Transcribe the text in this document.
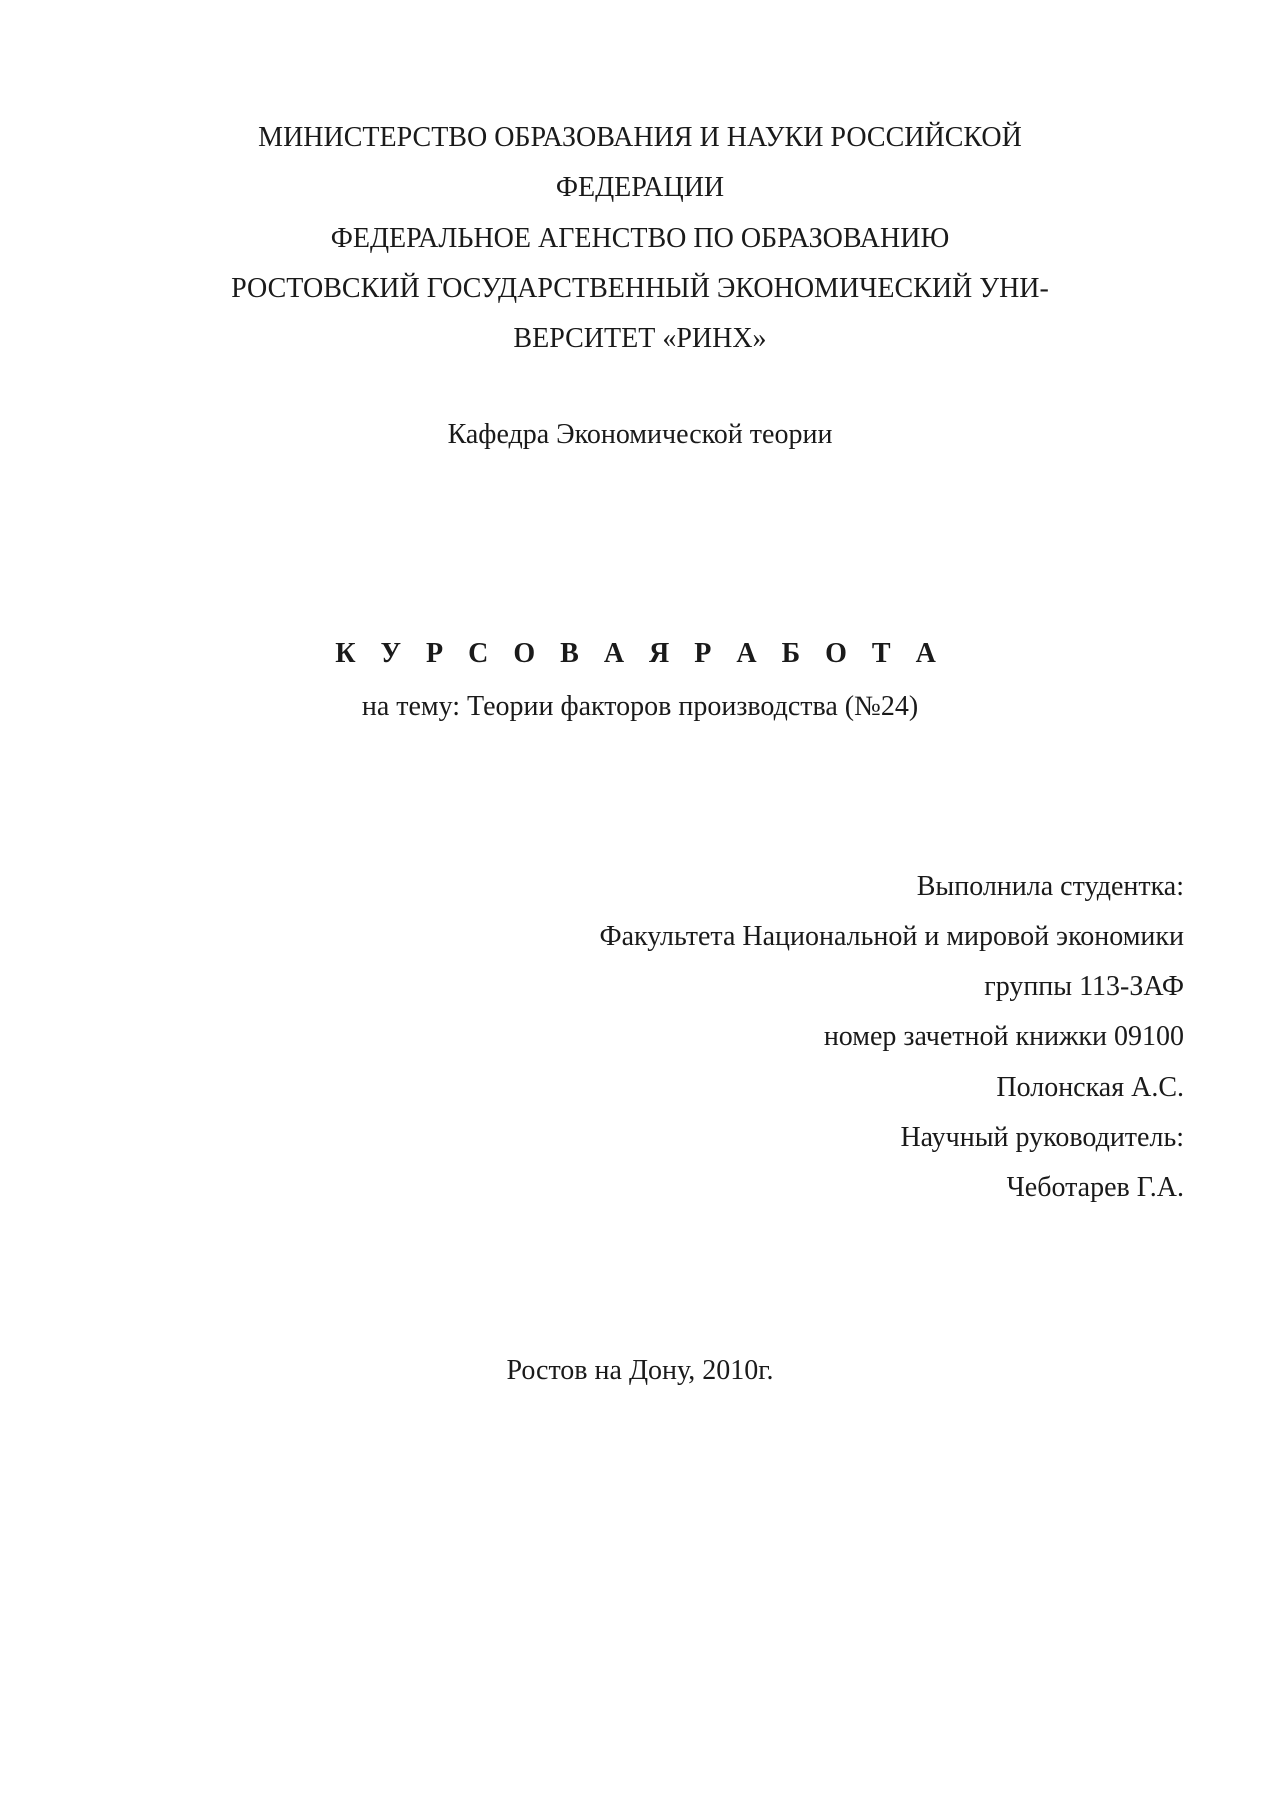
МИНИСТЕРСТВО ОБРАЗОВАНИЯ И НАУКИ РОССИЙСКОЙ
ФЕДЕРАЦИИ
ФЕДЕРАЛЬНОЕ АГЕНСТВО ПО ОБРАЗОВАНИЮ
РОСТОВСКИЙ ГОСУДАРСТВЕННЫЙ ЭКОНОМИЧЕСКИЙ УНИ-
ВЕРСИТЕТ «РИНХ»
Кафедра Экономической теории
К У Р С О В А Я Р А Б О Т А
на тему: Теории факторов производства (№24)
Выполнила студентка:
Факультета Национальной и мировой экономики
группы 113-ЗАФ
номер зачетной книжки 09100
Полонская А.С.
Научный руководитель:
Чеботарев Г.А.
Ростов на Дону, 2010г.
